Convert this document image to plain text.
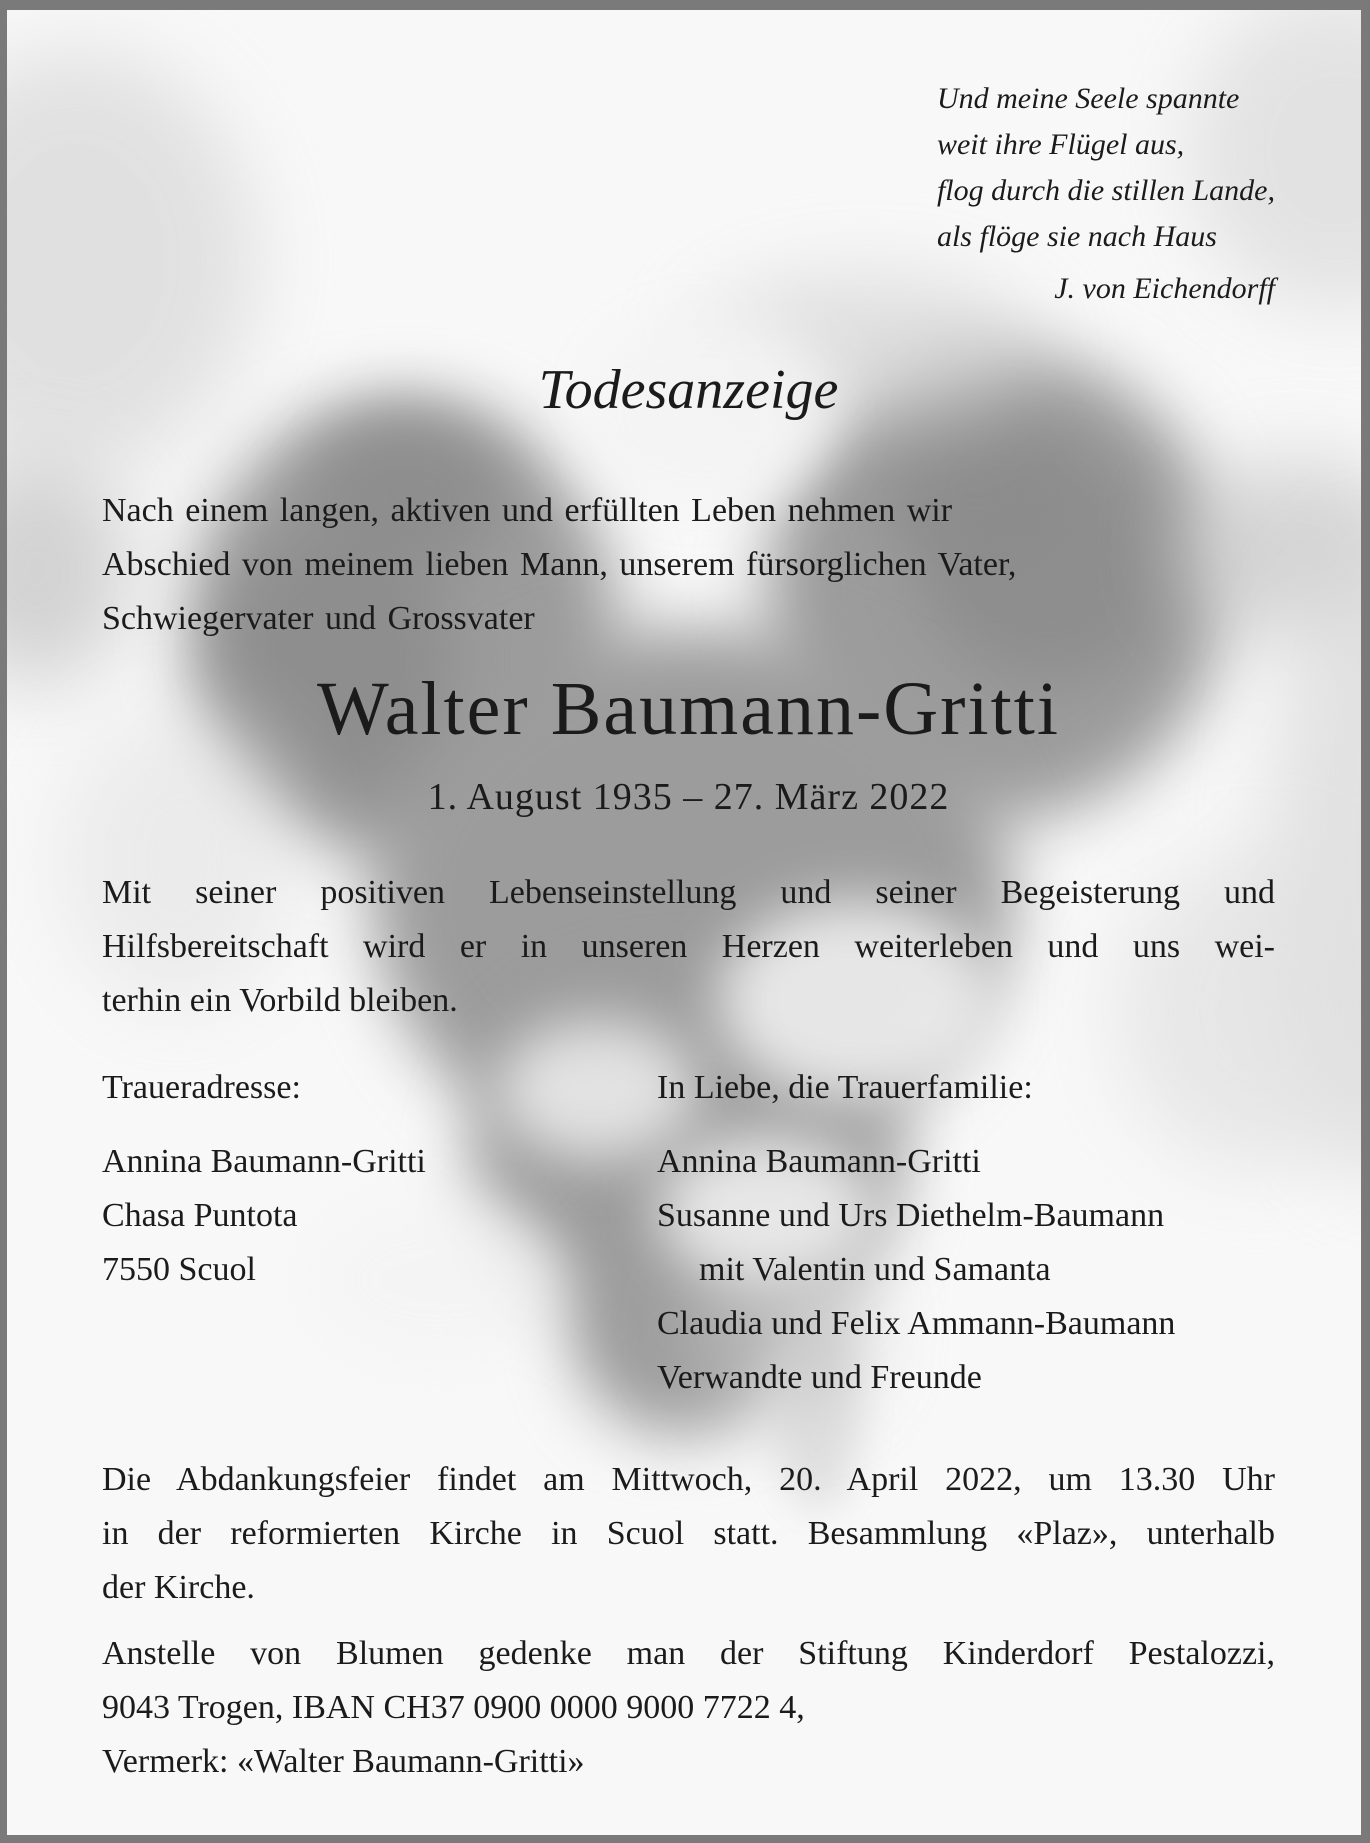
Und meine Seele spannte
weit ihre Flügel aus,
flog durch die stillen Lande,
als flöge sie nach Haus
J. von Eichendorff
Todesanzeige
Nach einem langen, aktiven und erfüllten Leben nehmen wir
Abschied von meinem lieben Mann, unserem fürsorglichen Vater,
Schwiegervater und Grossvater
Walter Baumann-Gritti
1. August 1935 – 27. März 2022
Mit seiner positiven Lebenseinstellung und seiner Begeisterung und
Hilfsbereitschaft wird er in unseren Herzen weiterleben und uns wei-
terhin ein Vorbild bleiben.
Traueradresse:
Annina Baumann-Gritti
Chasa Puntota
7550 Scuol
In Liebe, die Trauerfamilie:
Annina Baumann-Gritti
Susanne und Urs Diethelm-Baumann
mit Valentin und Samanta
Claudia und Felix Ammann-Baumann
Verwandte und Freunde
Die Abdankungsfeier findet am Mittwoch, 20. April 2022, um 13.30 Uhr
in der reformierten Kirche in Scuol statt. Besammlung «Plaz», unterhalb
der Kirche.
Anstelle von Blumen gedenke man der Stiftung Kinderdorf Pestalozzi,
9043 Trogen, IBAN CH37 0900 0000 9000 7722 4,
Vermerk: «Walter Baumann-Gritti»
